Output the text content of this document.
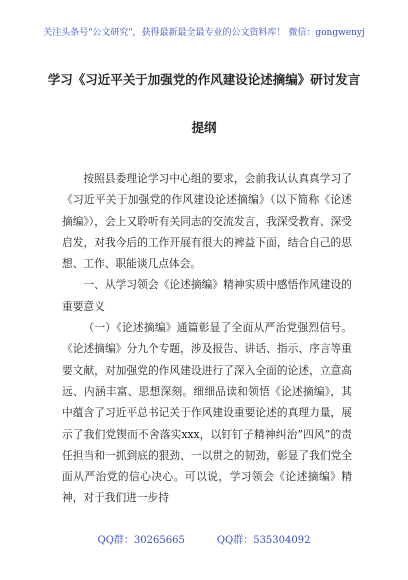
关注头条号"公文研究"，获得最新最全最专业的公文资料库！ 微信：gongwenyj
学习《习近平关于加强党的作风建设论述摘编》研讨发言
提纲

按照县委理论学习中心组的要求，会前我认认真真学习了《习近平关于加强党的作风建设论述摘编》（以下简称《论述摘编》），会上又聆听有关同志的交流发言，我深受教育、深受启发，对我今后的工作开展有很大的裨益下面，结合自己的思想、工作、职能谈几点体会。

一、从学习领会《论述摘编》精神实质中感悟作风建设的重要意义

（一）《论述摘编》通篇彰显了全面从严治党强烈信号。《论述摘编》分九个专题，涉及报告、讲话、指示、序言等重要文献，对加强党的作风建设进行了深入全面的论述，立意高远、内涵丰富、思想深刻。细细品读和领悟《论述摘编》，其中蕴含了习近平总书记关于作风建设重要论述的真理力量，展示了我们党锲而不舍落实xxx，以钉钉子精神纠治”四风”的责任担当和一抓到底的狠劲、一以贯之的韧劲，彰显了我们党全面从严治党的信心决心。可以说，学习领会《论述摘编》精神，对于我们进一步持

QQ群：30265665	QQ群：535304092
